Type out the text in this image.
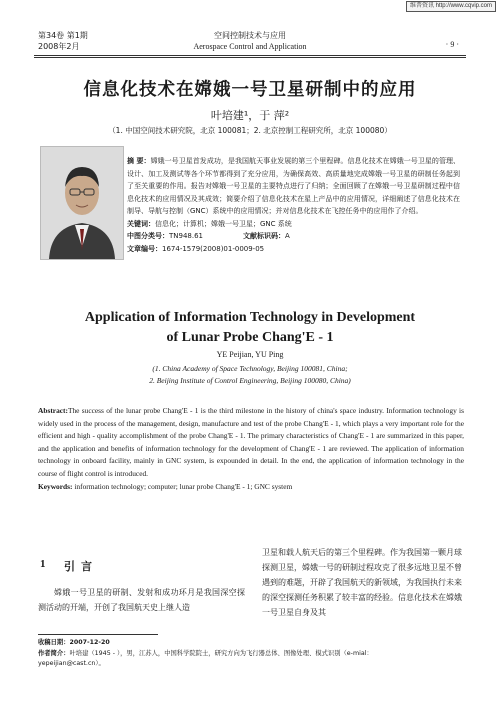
维普资讯 http://www.cqvip.com
第34卷 第1期
2008年2月
空间控制技术与应用
Aerospace Control and Application	· 9 ·
信息化技术在嫦娥一号卫星研制中的应用
叶培建¹，于 萍²
（1. 中国空间技术研究院，北京 100081；2. 北京控制工程研究所，北京 100080）
摘 要：嫦娥一号卫星首发成功，是我国航天事业发展的第三个里程碑。信息化技术在嫦娥一号卫星的管理、设计、加工及测试等各个环节都得到了充分应用，为确保高效、高质量地完成嫦娥一号卫星的研制任务起到了至关重要的作用。报告对嫦娥一号卫星的主要特点进行了归纳；全面回顾了在嫦娥一号卫星研制过程中信息化技术的应用情况及其成效；简要介绍了信息化技术在星上产品中的应用情况，详细阐述了信息化技术在制导、导航与控制（GNC）系统中的应用情况；并对信息化技术在飞控任务中的应用作了介绍。
关键词：信息化；计算机；嫦娥一号卫星；GNC 系统
中图分类号：TN948.61	文献标识码：A
文章编号：1674-1579(2008)01-0009-05
Application of Information Technology in Development
of Lunar Probe Chang'E - 1
YE Peijian, YU Ping
(1. China Academy of Space Technology, Beijing 100081, China;
2. Beijing Institute of Control Engineering, Beijing 100080, China)
Abstract:The success of the lunar probe Chang'E - 1 is the third milestone in the history of china's space industry. Information technology is widely used in the process of the management, design, manufacture and test of the probe Chang'E - 1, which plays a very important role for the efficient and high - quality accomplishment of the probe Chang'E - 1. The primary characteristics of Chang'E - 1 are summarized in this paper, and the application and benefits of information technology for the development of Chang'E - 1 are reviewed. The application of information technology in onboard facility, mainly in GNC system, is expounded in detail. In the end, the application of information technology in the course of flight control is introduced.
Keywords: information technology; computer; lunar probe Chang'E - 1; GNC system
1 引言
嫦娥一号卫星的研制、发射和成功环月是我国深空探测活动的开端，开创了我国航天史上继人造
卫星和载人航天后的第三个里程碑。作为我国第一颗月球探测卫星，嫦娥一号的研制过程攻克了很多远地卫星不曾遇到的难题，开辟了我国航天的新领域，为我国执行未来的深空探测任务积累了较丰富的经验。信息化技术在嫦娥一号卫星自身及其
收稿日期：2007-12-20
作者简介：叶培建（1945 - ），男，江苏人，中国科学院院士，研究方向为飞行器总体、图像处理、模式识别（e-mial：
yepeijian@cast.cn）。
